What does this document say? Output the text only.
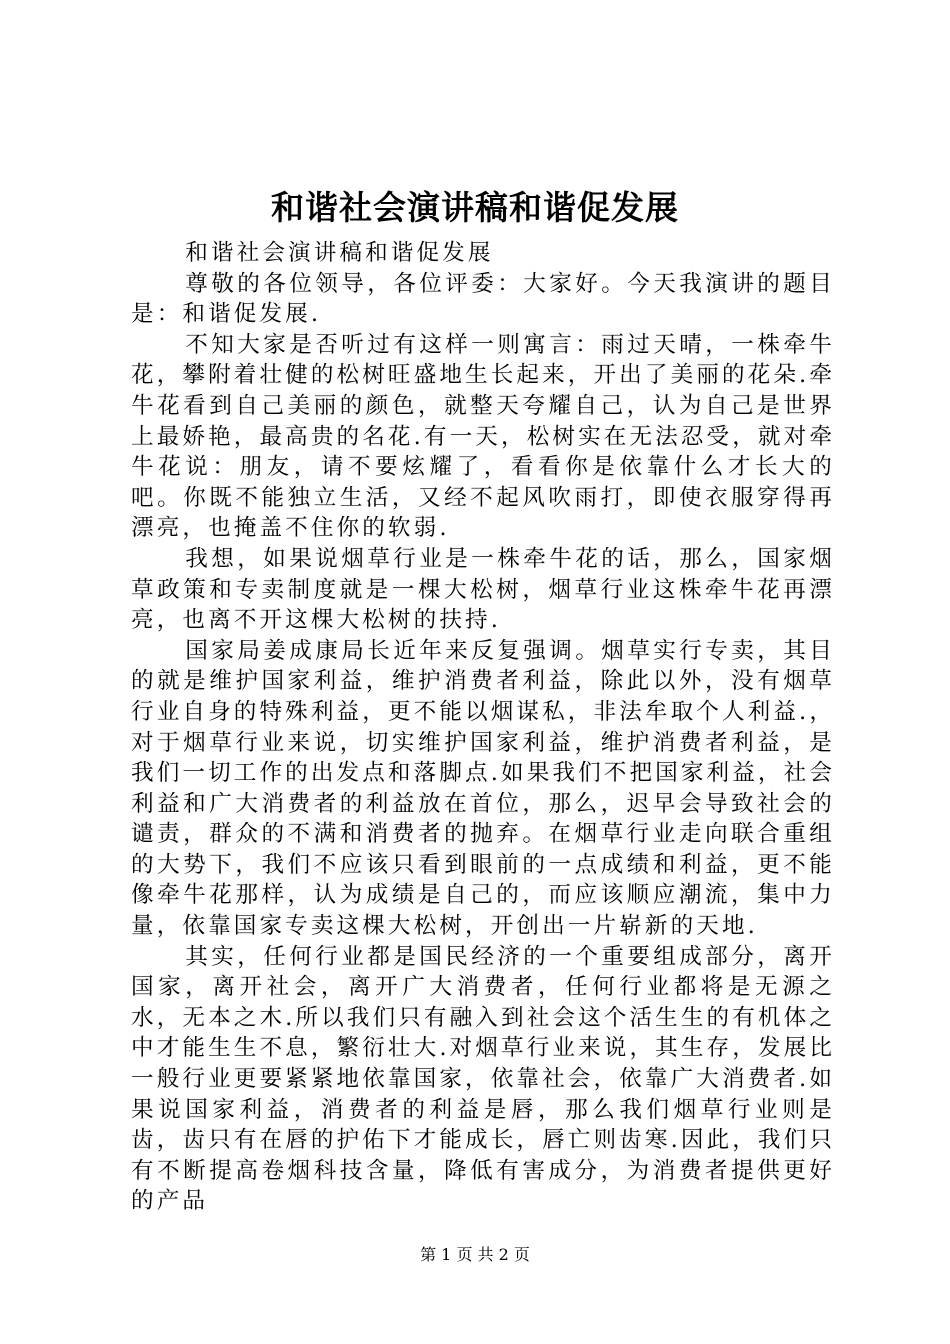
和谐社会演讲稿和谐促发展

和谐社会演讲稿和谐促发展

尊敬的各位领导，各位评委：大家好。今天我演讲的题目是：和谐促发展.

不知大家是否听过有这样一则寓言：雨过天晴，一株牵牛花，攀附着壮健的松树旺盛地生长起来，开出了美丽的花朵.牵牛花看到自己美丽的颜色，就整天夸耀自己，认为自己是世界上最娇艳，最高贵的名花.有一天，松树实在无法忍受，就对牵牛花说：朋友，请不要炫耀了，看看你是依靠什么才长大的吧。你既不能独立生活，又经不起风吹雨打，即使衣服穿得再漂亮，也掩盖不住你的软弱.

我想，如果说烟草行业是一株牵牛花的话，那么，国家烟草政策和专卖制度就是一棵大松树，烟草行业这株牵牛花再漂亮，也离不开这棵大松树的扶持.

国家局姜成康局长近年来反复强调。烟草实行专卖，其目的就是维护国家利益，维护消费者利益，除此以外，没有烟草行业自身的特殊利益，更不能以烟谋私，非法牟取个人利益.，对于烟草行业来说，切实维护国家利益，维护消费者利益，是我们一切工作的出发点和落脚点.如果我们不把国家利益，社会利益和广大消费者的利益放在首位，那么，迟早会导致社会的谴责，群众的不满和消费者的抛弃。在烟草行业走向联合重组的大势下，我们不应该只看到眼前的一点成绩和利益，更不能像牵牛花那样，认为成绩是自己的，而应该顺应潮流，集中力量，依靠国家专卖这棵大松树，开创出一片崭新的天地.

其实，任何行业都是国民经济的一个重要组成部分，离开国家，离开社会，离开广大消费者，任何行业都将是无源之水，无本之木.所以我们只有融入到社会这个活生生的有机体之中才能生生不息，繁衍壮大.对烟草行业来说，其生存，发展比一般行业更要紧紧地依靠国家，依靠社会，依靠广大消费者.如果说国家利益，消费者的利益是唇，那么我们烟草行业则是齿，齿只有在唇的护佑下才能成长，唇亡则齿寒.因此，我们只有不断提高卷烟科技含量，降低有害成分，为消费者提供更好的产品

第 1 页 共 2 页
